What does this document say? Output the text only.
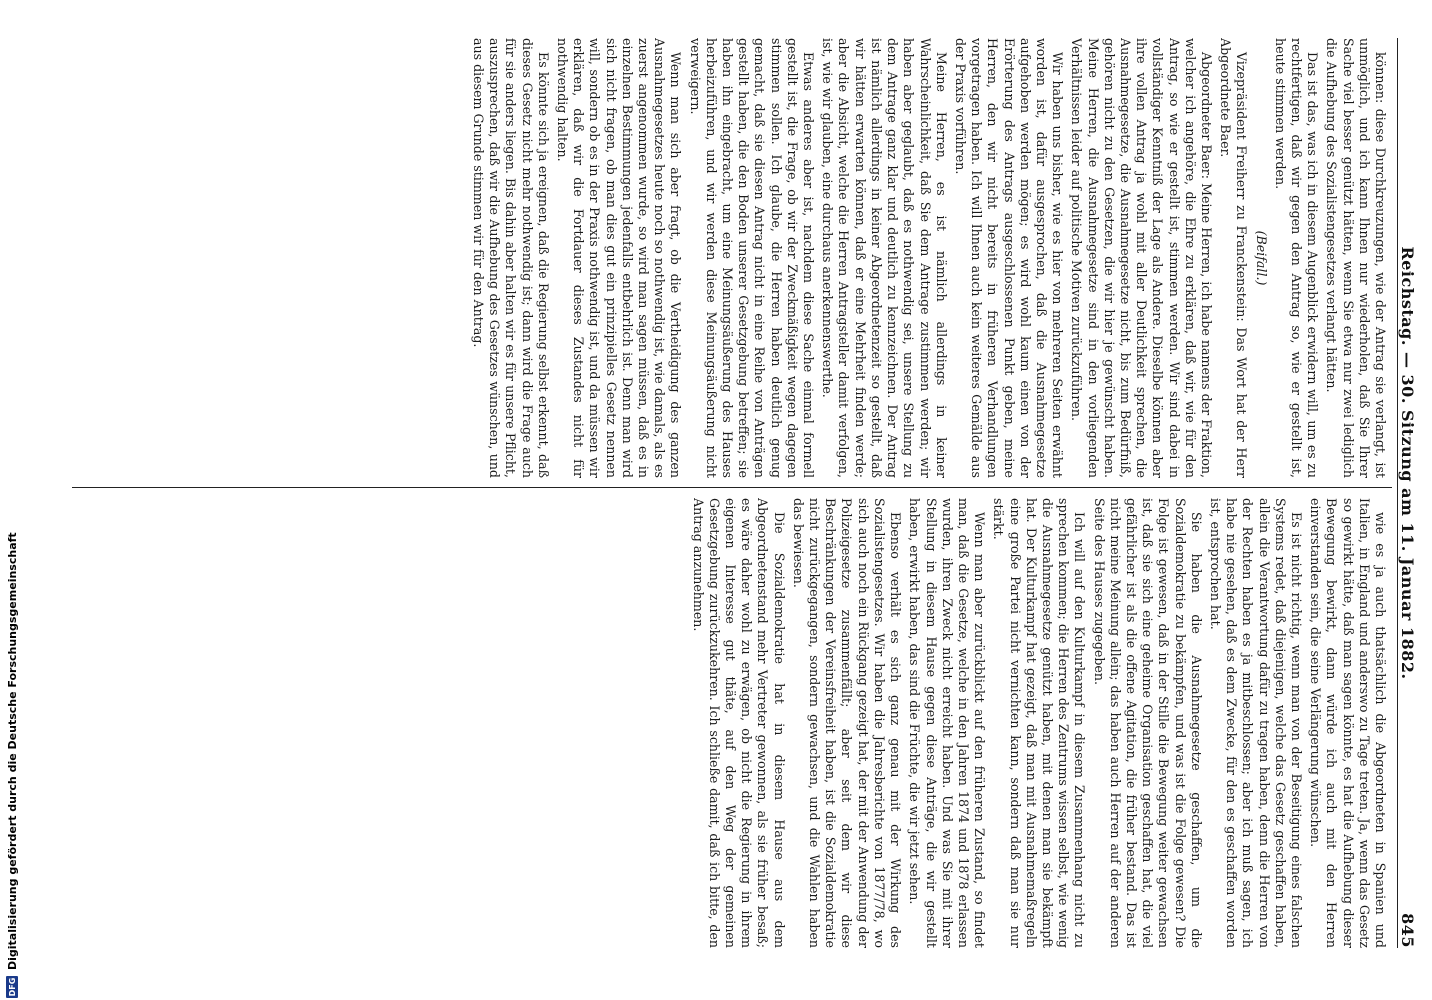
Reichstag. — 30. Sitzung am 11. Januar 1882.
845

können: diese Durchkreuzungen, wie der Antrag sie verlangt, ist unmöglich, und ich kann Ihnen nur wiederholen, daß Sie Ihrer Sache viel besser genützt hätten, wenn Sie etwa nur zwei lediglich die Aufhebung des Sozialistengesetzes verlangt hätten.

Das ist das, was ich in diesem Augenblick erwidern will, um es zu rechtfertigen, daß wir gegen den Antrag so, wie er gestellt ist, heute stimmen werden.

(Beifall.)

Vizepräsident Freiherr zu Franckenstein: Das Wort hat der Herr Abgeordnete Baer.

Abgeordneter Baer: Meine Herren, ich habe namens der Fraktion, welcher ich angehöre, die Ehre zu erklären, daß wir, wie für den Antrag, so wie er gestellt ist, stimmen werden. Wir sind dabei in vollständiger Kenntniß der Lage als Andere. Dieselbe können aber ihre vollen Antrag ja wohl mit aller Deutlichkeit sprechen, die Ausnahmegesetze, die Ausnahmegesetze nicht, bis zum Bedürfniß, gehören nicht zu den Gesetzen, die wir hier je gewünscht haben. Meine Herren, die Ausnahmegesetze sind in den vorliegenden Verhältnissen leider auf politische Motiven zurückzuführen.

Wir haben uns bisher, wie es hier von mehreren Seiten erwähnt worden ist, dafür ausgesprochen, daß die Ausnahmegesetze aufgehoben werden mögen; es wird wohl kaum einen von der Erörterung des Antrags ausgeschlossenen Punkt geben, meine Herren, den wir nicht bereits in früheren Verhandlungen vorgetragen haben. Ich will Ihnen auch kein weiteres Gemälde aus der Praxis vorführen.

Meine Herren, es ist nämlich allerdings in keiner Wahrscheinlichkeit, daß Sie dem Antrage zustimmen werden; wir haben aber geglaubt, daß es nothwendig sei, unsere Stellung zu dem Antrage ganz klar und deutlich zu kennzeichnen. Der Antrag ist nämlich allerdings in keiner Abgeordnetenzeit so gestellt, daß wir hätten erwarten können, daß er eine Mehrheit finden werde; aber die Absicht, welche die Herren Antragsteller damit verfolgen, ist, wie wir glauben, eine durchaus anerkennenswerthe.

Etwas anderes aber ist, nachdem diese Sache einmal formell gestellt ist, die Frage, ob wir der Zweckmäßigkeit wegen dagegen stimmen sollen. Ich glaube, die Herren haben deutlich genug gemacht, daß sie diesen Antrag nicht in eine Reihe von Anträgen gestellt haben, die den Boden unserer Gesetzgebung betreffen; sie haben ihn eingebracht, um eine Meinungsäußerung des Hauses herbeizuführen, und wir werden diese Meinungsäußerung nicht verweigern.

Wenn man sich aber fragt, ob die Vertheidigung des ganzen Ausnahmegesetzes heute noch so nothwendig ist, wie damals, als es zuerst angenommen wurde, so wird man sagen müssen, daß es in einzelnen Bestimmungen jedenfalls entbehrlich ist. Denn man wird sich nicht fragen, ob man dies gut ein prinzipielles Gesetz nennen will, sondern ob es in der Praxis nothwendig ist, und da müssen wir erklären, daß wir die Fortdauer dieses Zustandes nicht für nothwendig halten.

Es könnte sich ja ereignen, daß die Regierung selbst erkennt, daß dieses Gesetz nicht mehr nothwendig ist; dann wird die Frage auch für sie anders liegen. Bis dahin aber halten wir es für unsere Pflicht, auszusprechen, daß wir die Aufhebung des Gesetzes wünschen, und aus diesem Grunde stimmen wir für den Antrag.

wie es ja auch thatsächlich die Abgeordneten in Spanien und Italien, in England und anderswo zu Tage treten. Ja, wenn das Gesetz so gewirkt hätte, daß man sagen könnte, es hat die Aufhebung dieser Bewegung bewirkt, dann würde ich auch mit den Herren einverstanden sein, die seine Verlängerung wünschen.

Es ist nicht richtig, wenn man von der Beseitigung eines falschen Systems redet, daß diejenigen, welche das Gesetz geschaffen haben, allein die Verantwortung dafür zu tragen haben, denn die Herren von der Rechten haben es ja mitbeschlossen; aber ich muß sagen, ich habe nie gesehen, daß es dem Zwecke, für den es geschaffen worden ist, entsprochen hat.

Sie haben die Ausnahmegesetze geschaffen, um die Sozialdemokratie zu bekämpfen, und was ist die Folge gewesen? Die Folge ist gewesen, daß in der Stille die Bewegung weiter gewachsen ist, daß sie sich eine geheime Organisation geschaffen hat, die viel gefährlicher ist als die offene Agitation, die früher bestand. Das ist nicht meine Meinung allein; das haben auch Herren auf der anderen Seite des Hauses zugegeben.

Ich will auf den Kulturkampf in diesem Zusammenhang nicht zu sprechen kommen; die Herren des Zentrums wissen selbst, wie wenig die Ausnahmegesetze genützt haben, mit denen man sie bekämpft hat. Der Kulturkampf hat gezeigt, daß man mit Ausnahmemaßregeln eine große Partei nicht vernichten kann, sondern daß man sie nur stärkt.

Wenn man aber zurückblickt auf den früheren Zustand, so findet man, daß die Gesetze, welche in den Jahren 1874 und 1878 erlassen wurden, ihren Zweck nicht erreicht haben. Und was Sie mit ihrer Stellung in diesem Hause gegen diese Anträge, die wir gestellt haben, erwirkt haben, das sind die Früchte, die wir jetzt sehen.

Ebenso verhält es sich ganz genau mit der Wirkung des Sozialistengesetzes. Wir haben die Jahresberichte von 1877/78, wo sich auch noch ein Rückgang gezeigt hat, der mit der Anwendung der Polizeigesetze zusammenfällt; aber seit dem wir diese Beschränkungen der Vereinsfreiheit haben, ist die Sozialdemokratie nicht zurückgegangen, sondern gewachsen, und die Wahlen haben das bewiesen.

Die Sozialdemokratie hat in diesem Hause aus dem Abgeordnetenstand mehr Vertreter gewonnen, als sie früher besaß; es wäre daher wohl zu erwägen, ob nicht die Regierung in ihrem eigenen Interesse gut thäte, auf den Weg der gemeinen Gesetzgebung zurückzukehren. Ich schließe damit, daß ich bitte, den Antrag anzunehmen.

DFG
Digitalisierung gefördert durch die Deutsche Forschungsgemeinschaft
